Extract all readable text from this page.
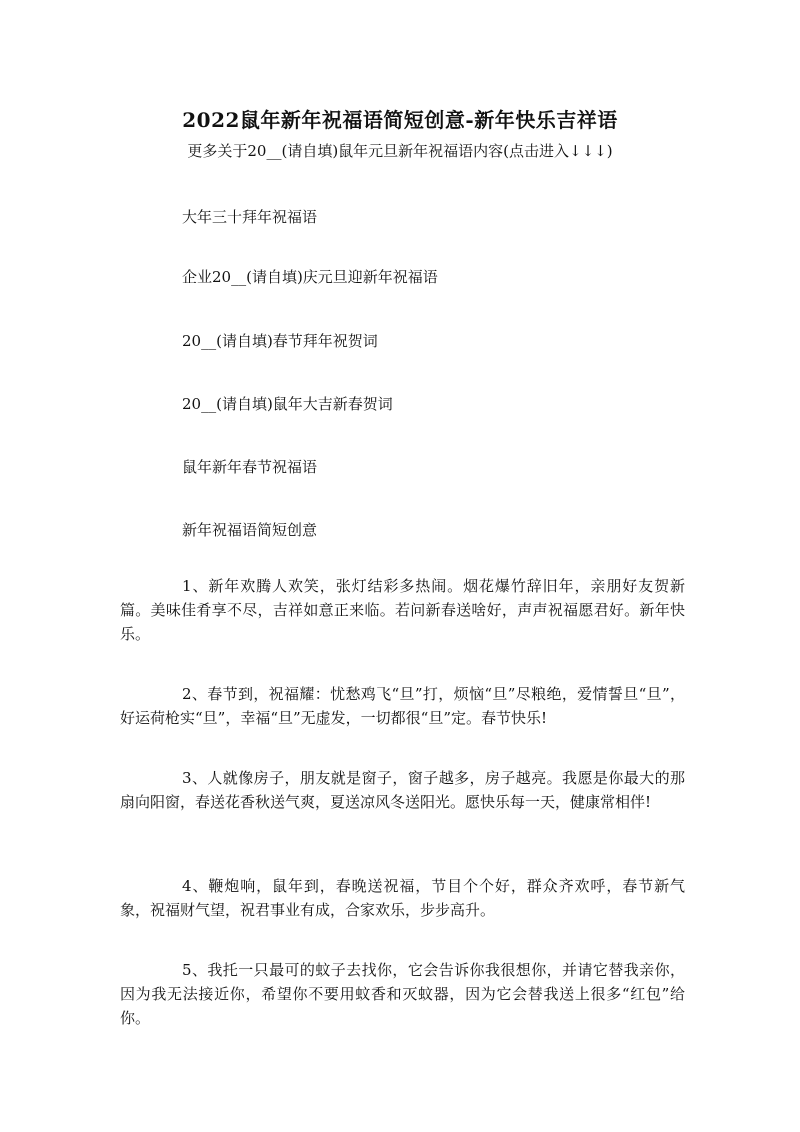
2022鼠年新年祝福语简短创意-新年快乐吉祥语
更多关于20__(请自填)鼠年元旦新年祝福语内容(点击进入↓↓↓)
大年三十拜年祝福语
企业20__(请自填)庆元旦迎新年祝福语
20__(请自填)春节拜年祝贺词
20__(请自填)鼠年大吉新春贺词
鼠年新年春节祝福语
新年祝福语简短创意
1、新年欢腾人欢笑，张灯结彩多热闹。烟花爆竹辞旧年，亲朋好友贺新篇。美味佳肴享不尽，吉祥如意正来临。若问新春送啥好，声声祝福愿君好。新年快乐。
2、春节到，祝福耀：忧愁鸡飞“旦”打，烦恼“旦”尽粮绝，爱情誓旦“旦”，好运荷枪实“旦”，幸福“旦”无虚发，一切都很“旦”定。春节快乐!
3、人就像房子，朋友就是窗子，窗子越多，房子越亮。我愿是你最大的那扇向阳窗，春送花香秋送气爽，夏送凉风冬送阳光。愿快乐每一天，健康常相伴!
4、鞭炮响，鼠年到，春晚送祝福，节目个个好，群众齐欢呼，春节新气象，祝福财气望，祝君事业有成，合家欢乐，步步高升。
5、我托一只最可的蚊子去找你，它会告诉你我很想你，并请它替我亲你，因为我无法接近你，希望你不要用蚊香和灭蚊器，因为它会替我送上很多“红包”给你。
